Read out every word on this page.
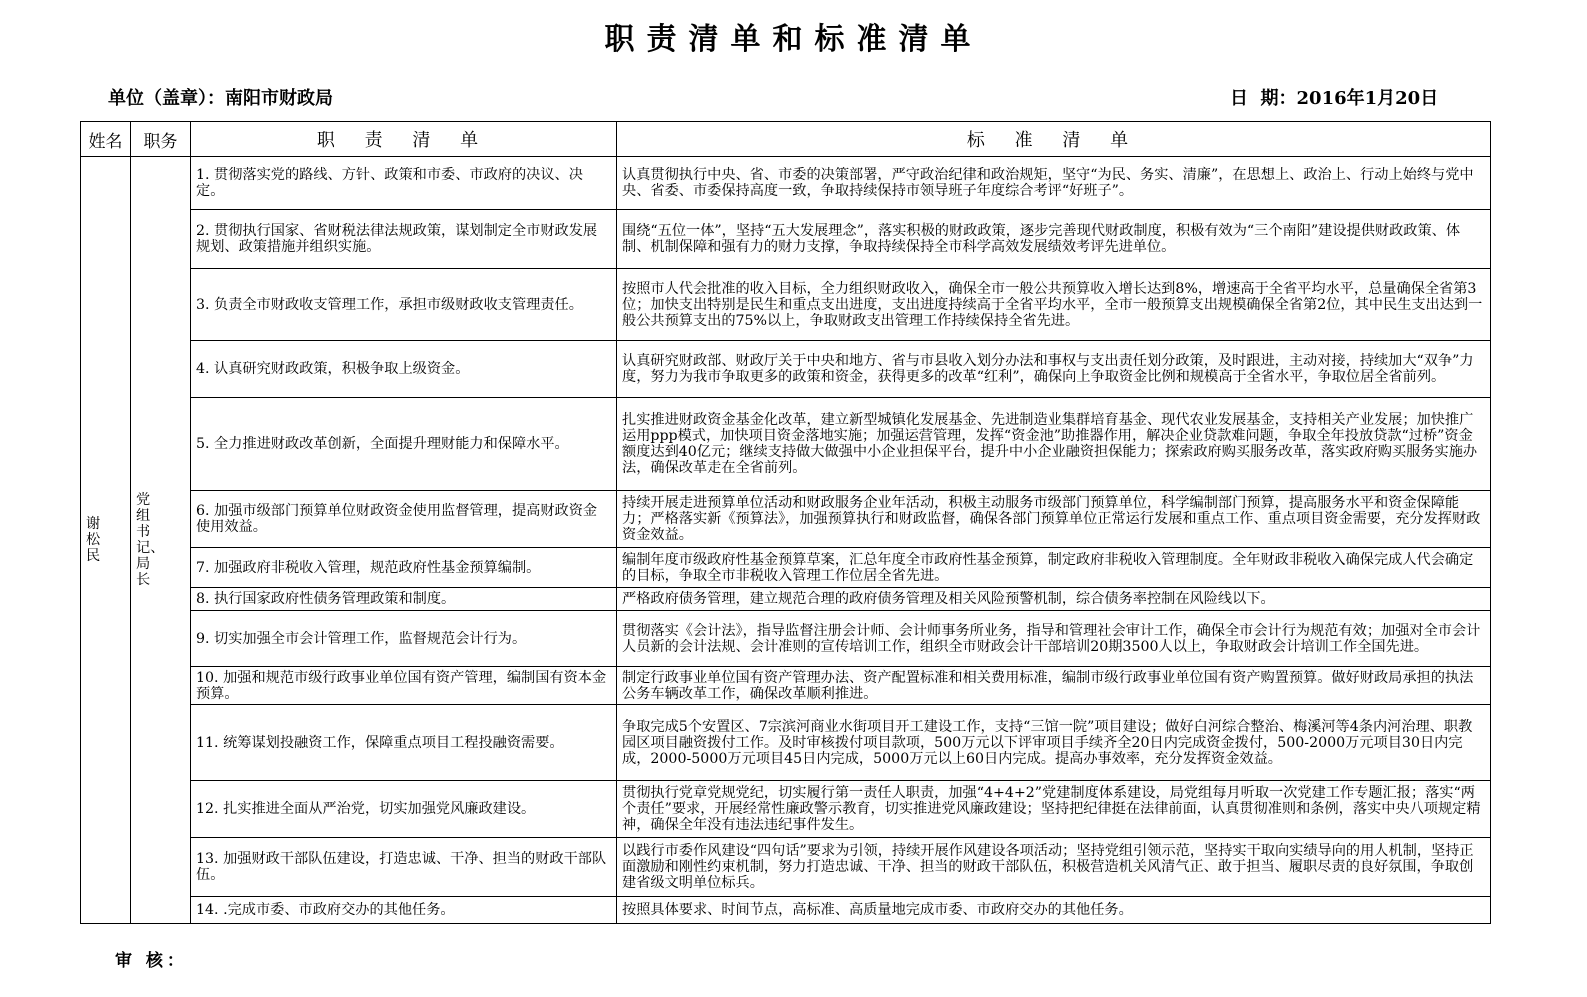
职责清单和标准清单
单位（盖章）：南阳市财政局	日  期：2016年1月20日
姓名	职务	职 责 清 单	标 准 清 单
谢松民	党组书记、局长	1. 贯彻落实党的路线、方针、政策和市委、市政府的决议、决定。	认真贯彻执行中央、省、市委的决策部署，严守政治纪律和政治规矩，坚守“为民、务实、清廉”，在思想上、政治上、行动上始终与党中央、省委、市委保持高度一致，争取持续保持市领导班子年度综合考评“好班子”。
		2. 贯彻执行国家、省财税法律法规政策，谋划制定全市财政发展规划、政策措施并组织实施。	围绕“五位一体”，坚持“五大发展理念”，落实积极的财政政策，逐步完善现代财政制度，积极有效为“三个南阳”建设提供财政政策、体制、机制保障和强有力的财力支撑，争取持续保持全市科学高效发展绩效考评先进单位。
		3. 负责全市财政收支管理工作，承担市级财政收支管理责任。	按照市人代会批准的收入目标，全力组织财政收入，确保全市一般公共预算收入增长达到8%，增速高于全省平均水平，总量确保全省第3位；加快支出特别是民生和重点支出进度，支出进度持续高于全省平均水平，全市一般预算支出规模确保全省第2位，其中民生支出达到一般公共预算支出的75%以上，争取财政支出管理工作持续保持全省先进。
		4. 认真研究财政政策，积极争取上级资金。	认真研究财政部、财政厅关于中央和地方、省与市县收入划分办法和事权与支出责任划分政策，及时跟进，主动对接，持续加大“双争”力度，努力为我市争取更多的政策和资金，获得更多的改革“红利”，确保向上争取资金比例和规模高于全省水平，争取位居全省前列。
		5. 全力推进财政改革创新，全面提升理财能力和保障水平。	扎实推进财政资金基金化改革，建立新型城镇化发展基金、先进制造业集群培育基金、现代农业发展基金，支持相关产业发展；加快推广运用ppp模式，加快项目资金落地实施；加强运营管理，发挥“资金池”助推器作用，解决企业贷款难问题，争取全年投放贷款“过桥”资金额度达到40亿元；继续支持做大做强中小企业担保平台，提升中小企业融资担保能力；探索政府购买服务改革，落实政府购买服务实施办法，确保改革走在全省前列。
		6. 加强市级部门预算单位财政资金使用监督管理，提高财政资金使用效益。	持续开展走进预算单位活动和财政服务企业年活动，积极主动服务市级部门预算单位，科学编制部门预算，提高服务水平和资金保障能力；严格落实新《预算法》，加强预算执行和财政监督，确保各部门预算单位正常运行发展和重点工作、重点项目资金需要，充分发挥财政资金效益。
		7. 加强政府非税收入管理，规范政府性基金预算编制。	编制年度市级政府性基金预算草案，汇总年度全市政府性基金预算，制定政府非税收入管理制度。全年财政非税收入确保完成人代会确定的目标，争取全市非税收入管理工作位居全省先进。
		8. 执行国家政府性债务管理政策和制度。	严格政府债务管理，建立规范合理的政府债务管理及相关风险预警机制，综合债务率控制在风险线以下。
		9. 切实加强全市会计管理工作，监督规范会计行为。	贯彻落实《会计法》，指导监督注册会计师、会计师事务所业务，指导和管理社会审计工作，确保全市会计行为规范有效；加强对全市会计人员新的会计法规、会计准则的宣传培训工作，组织全市财政会计干部培训20期3500人以上，争取财政会计培训工作全国先进。
		10. 加强和规范市级行政事业单位国有资产管理，编制国有资本金预算。	制定行政事业单位国有资产管理办法、资产配置标准和相关费用标准，编制市级行政事业单位国有资产购置预算。做好财政局承担的执法公务车辆改革工作，确保改革顺利推进。
		11. 统筹谋划投融资工作，保障重点项目工程投融资需要。	争取完成5个安置区、7宗滨河商业水街项目开工建设工作，支持“三馆一院”项目建设；做好白河综合整治、梅溪河等4条内河治理、职教园区项目融资拨付工作。及时审核拨付项目款项，500万元以下评审项目手续齐全20日内完成资金拨付，500-2000万元项目30日内完成，2000-5000万元项目45日内完成，5000万元以上60日内完成。提高办事效率，充分发挥资金效益。
		12. 扎实推进全面从严治党，切实加强党风廉政建设。	贯彻执行党章党规党纪，切实履行第一责任人职责，加强“4+4+2”党建制度体系建设，局党组每月听取一次党建工作专题汇报；落实“两个责任”要求，开展经常性廉政警示教育，切实推进党风廉政建设；坚持把纪律挺在法律前面，认真贯彻准则和条例，落实中央八项规定精神，确保全年没有违法违纪事件发生。
		13. 加强财政干部队伍建设，打造忠诚、干净、担当的财政干部队伍。	以践行市委作风建设“四句话”要求为引领，持续开展作风建设各项活动；坚持党组引领示范，坚持实干取向实绩导向的用人机制，坚持正面激励和刚性约束机制，努力打造忠诚、干净、担当的财政干部队伍，积极营造机关风清气正、敢于担当、履职尽责的良好氛围，争取创建省级文明单位标兵。
		14. .完成市委、市政府交办的其他任务。	按照具体要求、时间节点，高标准、高质量地完成市委、市政府交办的其他任务。
审 核：
